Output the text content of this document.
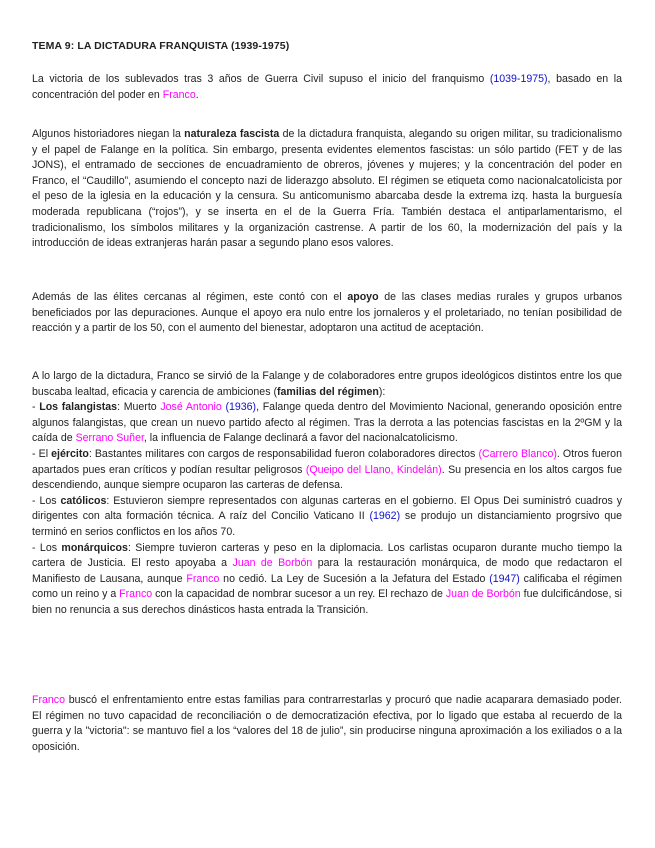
TEMA 9: LA DICTADURA FRANQUISTA (1939-1975)
La victoria de los sublevados tras 3 años de Guerra Civil supuso el inicio del franquismo (1039-1975), basado en la concentración del poder en Franco.
Algunos historiadores niegan la naturaleza fascista de la dictadura franquista, alegando su origen militar, su tradicionalismo y el papel de Falange en la política. Sin embargo, presenta evidentes elementos fascistas: un sólo partido (FET y de las JONS), el entramado de secciones de encuadramiento de obreros, jóvenes y mujeres; y la concentración del poder en Franco, el “Caudillo”, asumiendo el concepto nazi de liderazgo absoluto. El régimen se etiqueta como nacionalcatolicista por el peso de la iglesia en la educación y la censura. Su anticomunismo abarcaba desde la extrema izq. hasta la burguesía moderada republicana (“rojos”), y se inserta en el de la Guerra Fría. También destaca el antiparlamentarismo, el tradicionalismo, los símbolos militares y la organización castrense. A partir de los 60, la modernización del país y la introducción de ideas extranjeras harán pasar a segundo plano esos valores.
Además de las élites cercanas al régimen, este contó con el apoyo de las clases medias rurales y grupos urbanos beneficiados por las depuraciones. Aunque el apoyo era nulo entre los jornaleros y el proletariado, no tenían posibilidad de reacción y a partir de los 50, con el aumento del bienestar, adoptaron una actitud de aceptación.
A lo largo de la dictadura, Franco se sirvió de la Falange y de colaboradores entre grupos ideológicos distintos entre los que buscaba lealtad, eficacia y carencia de ambiciones (familias del régimen):
- Los falangistas: Muerto José Antonio (1936), Falange queda dentro del Movimiento Nacional, generando oposición entre algunos falangistas, que crean un nuevo partido afecto al régimen. Tras la derrota a las potencias fascistas en la 2ºGM y la caída de Serrano Suñer, la influencia de Falange declinará a favor del nacionalcatolicismo.
- El ejército: Bastantes militares con cargos de responsabilidad fueron colaboradores directos (Carrero Blanco). Otros fueron apartados pues eran críticos y podían resultar peligrosos (Queipo del Llano, Kindelán). Su presencia en los altos cargos fue descendiendo, aunque siempre ocuparon las carteras de defensa.
- Los católicos: Estuvieron siempre representados con algunas carteras en el gobierno. El Opus Dei suministró cuadros y dirigentes con alta formación técnica. A raíz del Concilio Vaticano II (1962) se produjo un distanciamiento progrsivo que terminó en serios conflictos en los años 70.
- Los monárquicos: Siempre tuvieron carteras y peso en la diplomacia. Los carlistas ocuparon durante mucho tiempo la cartera de Justicia. El resto apoyaba a Juan de Borbón para la restauración monárquica, de modo que redactaron el Manifiesto de Lausana, aunque Franco no cedió. La Ley de Sucesión a la Jefatura del Estado (1947) calificaba el régimen como un reino y a Franco con la capacidad de nombrar sucesor a un rey. El rechazo de Juan de Borbón fue dulcificándose, si bien no renuncia a sus derechos dinásticos hasta entrada la Transición.
Franco buscó el enfrentamiento entre estas familias para contrarrestarlas y procuró que nadie acaparara demasiado poder. El régimen no tuvo capacidad de reconciliación o de democratización efectiva, por lo ligado que estaba al recuerdo de la guerra y la "victoria": se mantuvo fiel a los “valores del 18 de julio”, sin producirse ninguna aproximación a los exiliados o a la oposición.
